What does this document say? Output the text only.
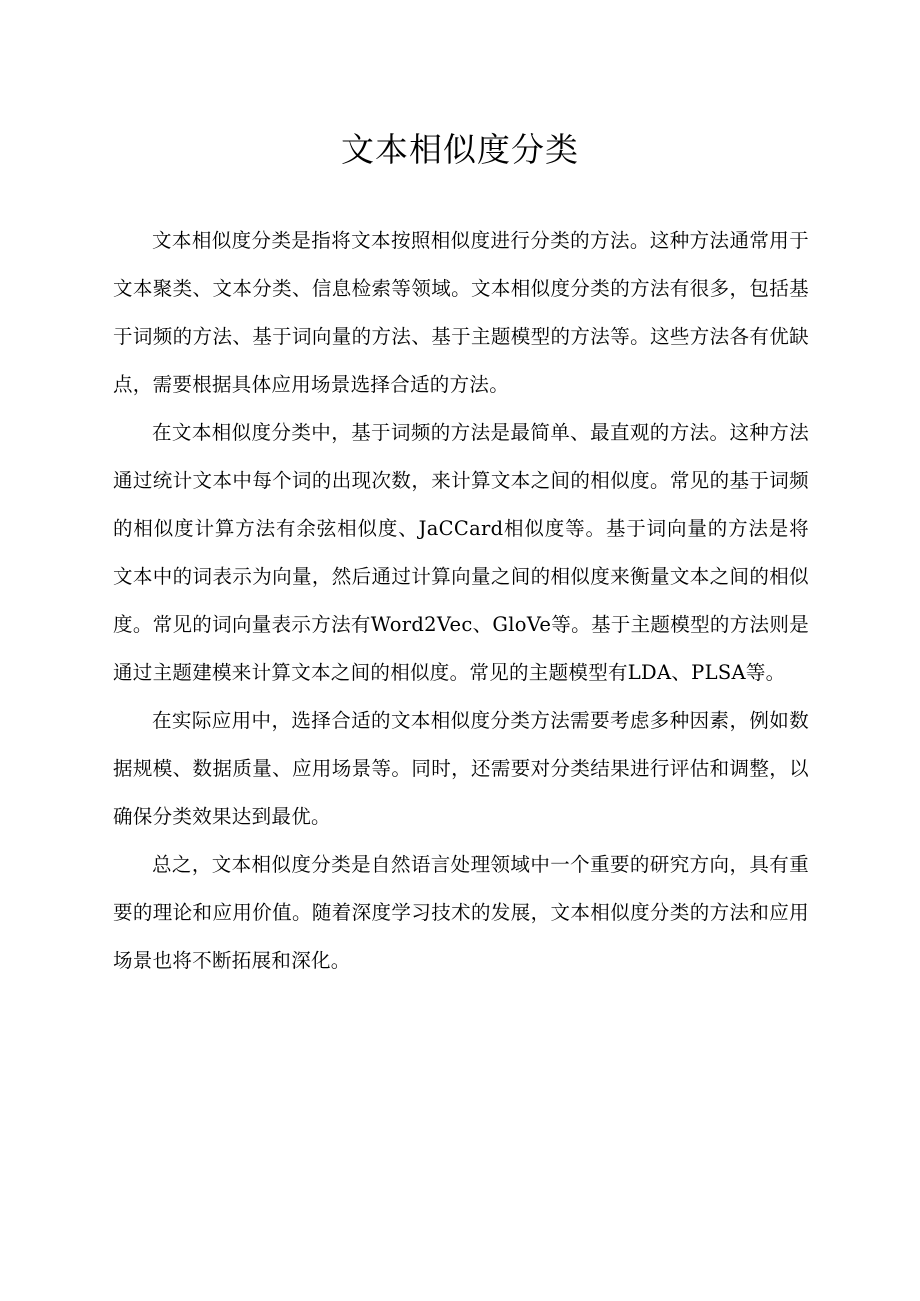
文本相似度分类

文本相似度分类是指将文本按照相似度进行分类的方法。这种方法通常用于文本聚类、文本分类、信息检索等领域。文本相似度分类的方法有很多，包括基于词频的方法、基于词向量的方法、基于主题模型的方法等。这些方法各有优缺点，需要根据具体应用场景选择合适的方法。

在文本相似度分类中，基于词频的方法是最简单、最直观的方法。这种方法通过统计文本中每个词的出现次数，来计算文本之间的相似度。常见的基于词频的相似度计算方法有余弦相似度、JaCCard相似度等。基于词向量的方法是将文本中的词表示为向量，然后通过计算向量之间的相似度来衡量文本之间的相似度。常见的词向量表示方法有Word2Vec、GloVe等。基于主题模型的方法则是通过主题建模来计算文本之间的相似度。常见的主题模型有LDA、PLSA等。

在实际应用中，选择合适的文本相似度分类方法需要考虑多种因素，例如数据规模、数据质量、应用场景等。同时，还需要对分类结果进行评估和调整，以确保分类效果达到最优。

总之，文本相似度分类是自然语言处理领域中一个重要的研究方向，具有重要的理论和应用价值。随着深度学习技术的发展，文本相似度分类的方法和应用场景也将不断拓展和深化。
